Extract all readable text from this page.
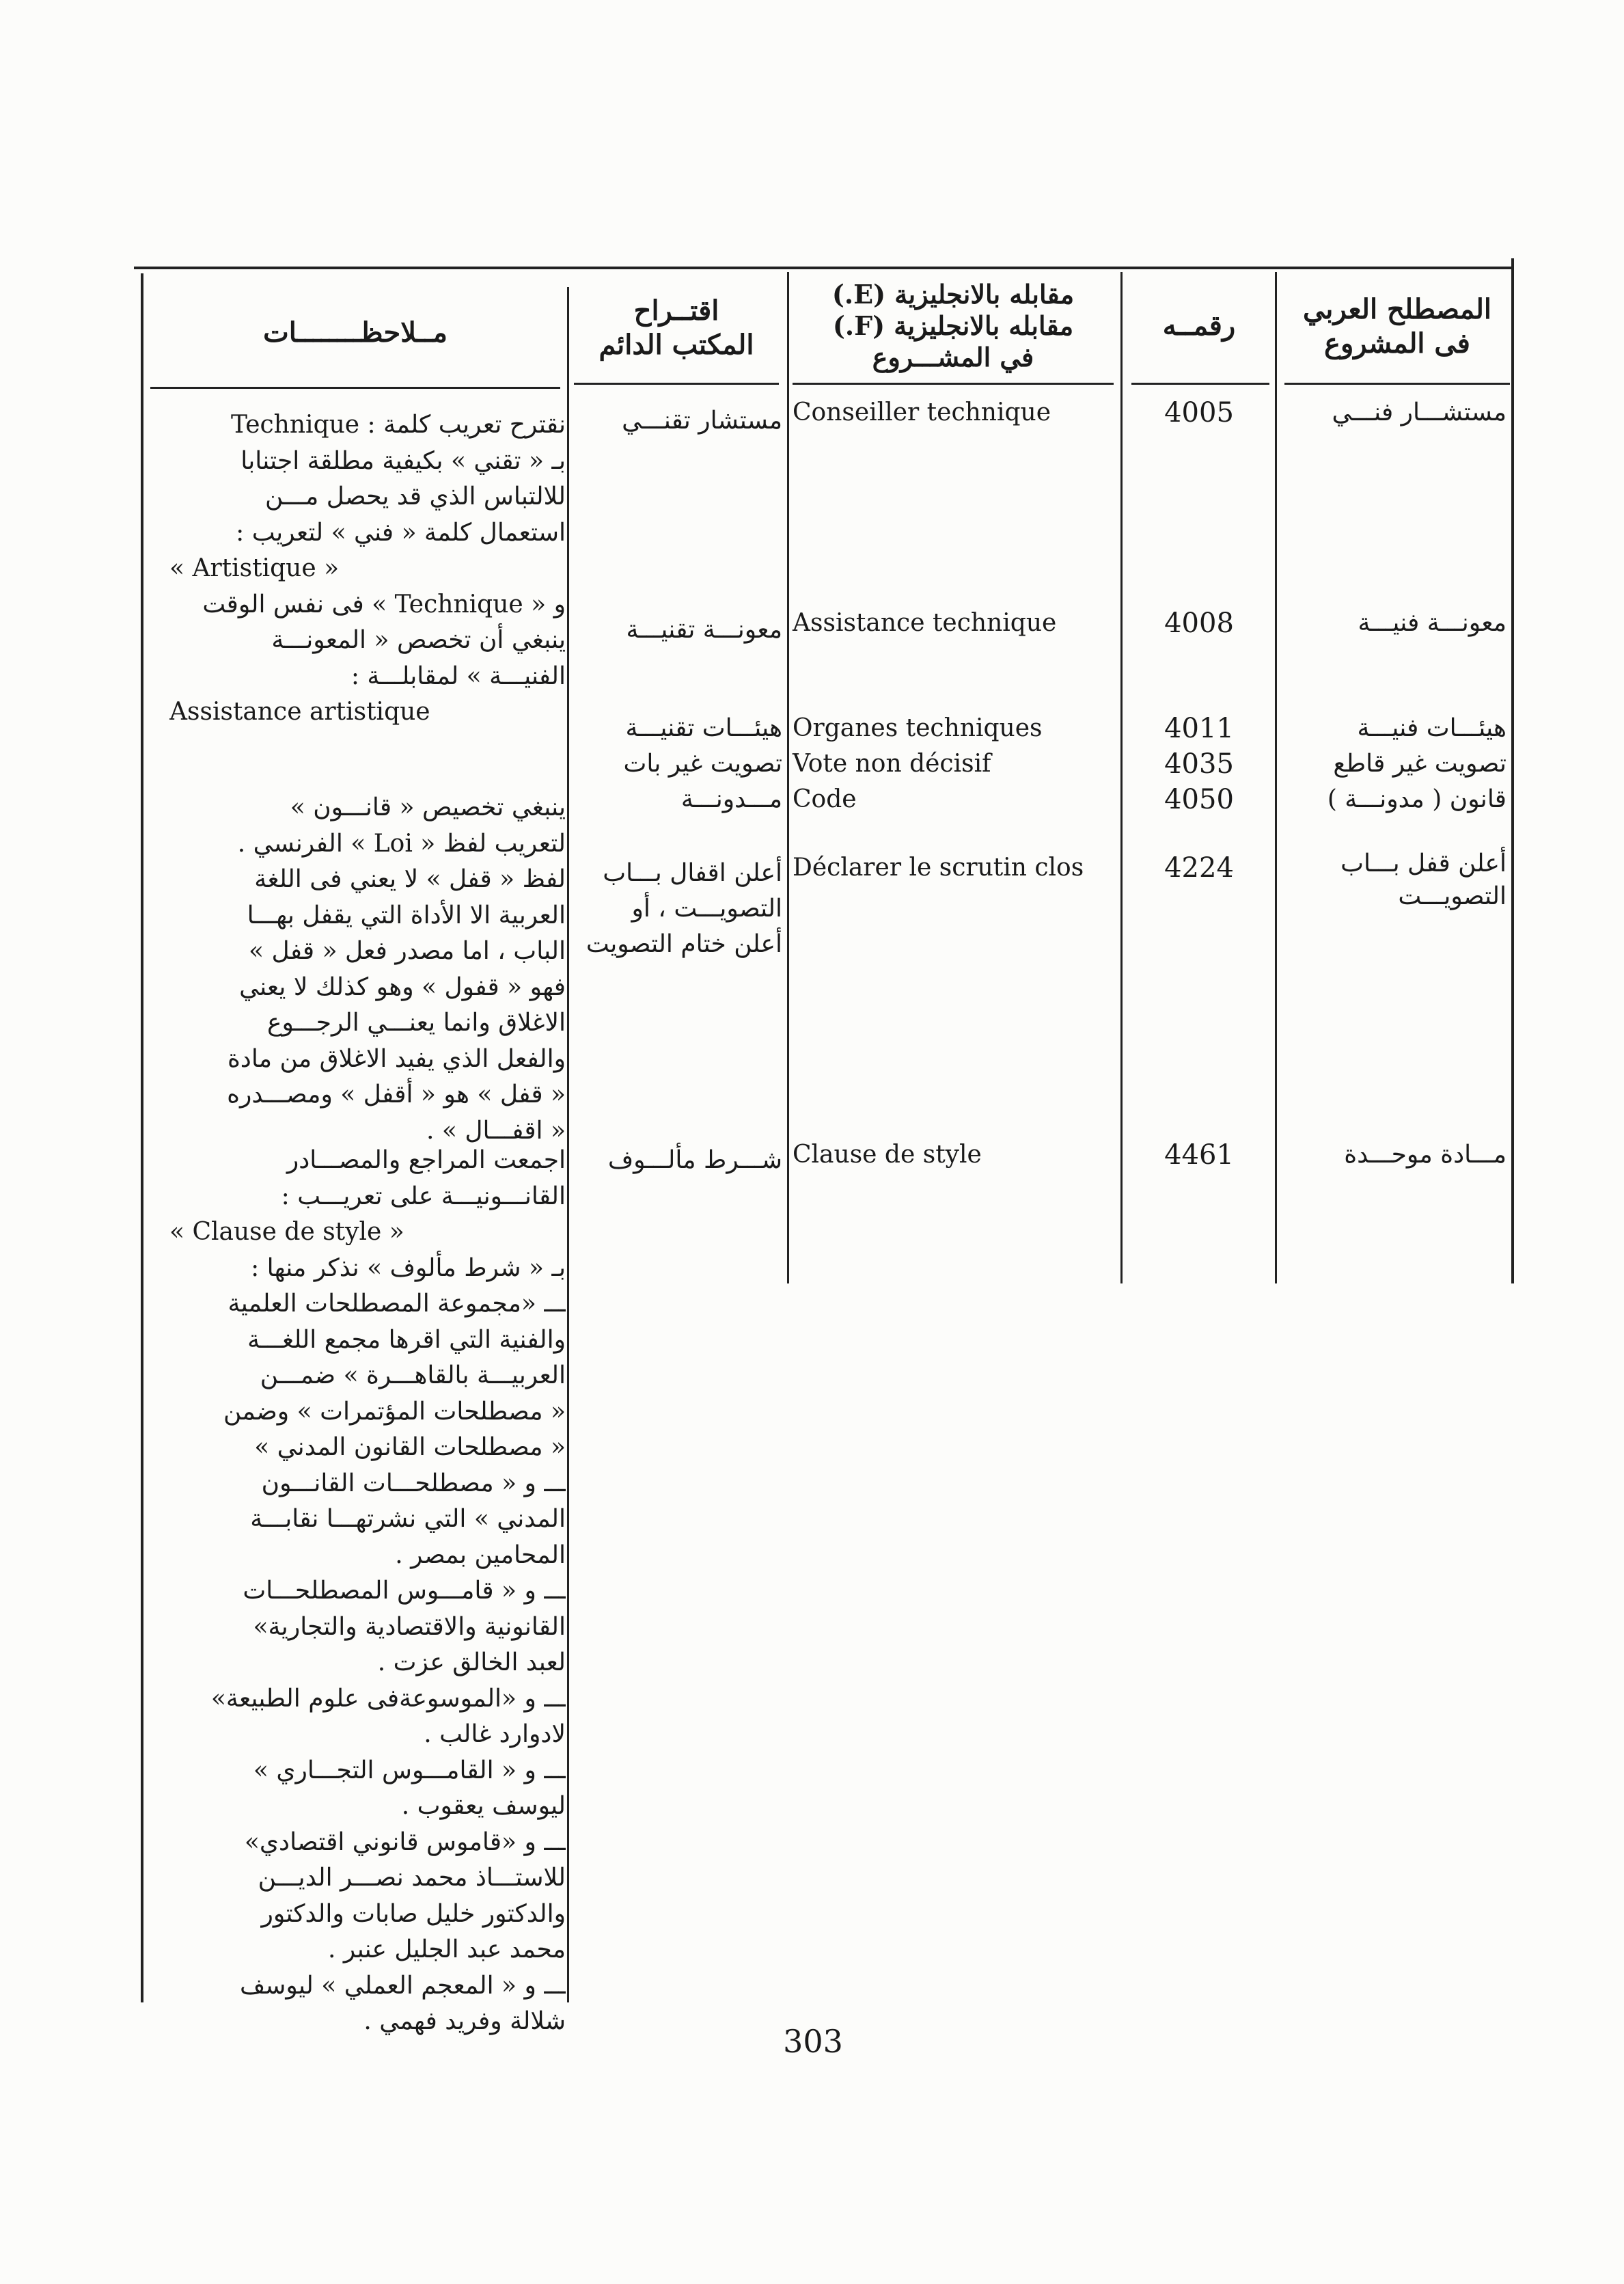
المصطلح العربي
فى المشروع
رقمــه
مقابله بالانجليزية (E.)
مقابله بالانجليزية (F.)
في المشـــروع
اقتــراح
المكتب الدائم
مــلاحظــــــــات
مستشـــار فنـــي
4005
Conseiller technique
مستشار تقنـــي
معونـــة فنيـــة
4008
Assistance technique
معونـــة تقنيـــة
هيئـــات فنيـــة
4011
Organes techniques
هيئـــات تقنيـــة
تصويت غير قاطع
4035
Vote non décisif
تصويت غير بات
قانون ( مدونـــة )
4050
Code
مـــدونـــة
أعلن قفل بـــاب التصويـــت
4224
Déclarer le scrutin clos
أعلن اقفال بـــاب
التصويـــت ، أو
أعلن ختام التصويت
مـــادة موحـــدة
4461
Clause de style
شـــرط مألـــوف
نقترح تعريب كلمة : Technique
بـ « تقني » بكيفية مطلقة اجتنابا
للالتباس الذي قد يحصل مـــن
استعمال كلمة « فني » لتعريب :
« Artistique »
و « Technique » فى نفس الوقت
ينبغي أن تخصص « المعونـــة
الفنيـــة » لمقابلـــة :
Assistance artistique
ينبغي تخصيص « قانـــون »
لتعريب لفظ « Loi » الفرنسي .
لفظ « قفل » لا يعني فى اللغة
العربية الا الأداة التي يقفل بهـــا
الباب ، اما مصدر فعل « قفل »
فهو « قفول » وهو كذلك لا يعني
الاغلاق وانما يعنـــي الرجـــوع
والفعل الذي يفيد الاغلاق من مادة
« قفل » هو « أقفل » ومصـــدره
« اقفـــال » .
اجمعت المراجع والمصـــادر
القانـــونيـــة على تعريـــب :
« Clause de style »
بـ « شرط مألوف » نذكر منها :
ـــ «مجموعة المصطلحات العلمية
والفنية التي اقرها مجمع اللغـــة
العربيـــة بالقاهـــرة » ضمـــن
« مصطلحات المؤتمرات » وضمن
« مصطلحات القانون المدني »
ـــ و « مصطلحـــات القانـــون
المدني » التي نشرتهـــا نقابـــة
المحامين بمصر .
ـــ و « قامـــوس المصطلحـــات
القانونية والاقتصادية والتجارية»
لعبد الخالق عزت .
ـــ و «الموسوعةفى علوم الطبيعة»
لادوارد غالب .
ـــ و « القامـــوس التجـــاري »
ليوسف يعقوب .
ـــ و «قاموس قانوني اقتصادي»
للاستـــاذ محمد نصـــر الديـــن
والدكتور خليل صابات والدكتور
محمد عبد الجليل عنبر .
ـــ و « المعجم العملي » ليوسف
شلالة وفريد فهمي .
303
